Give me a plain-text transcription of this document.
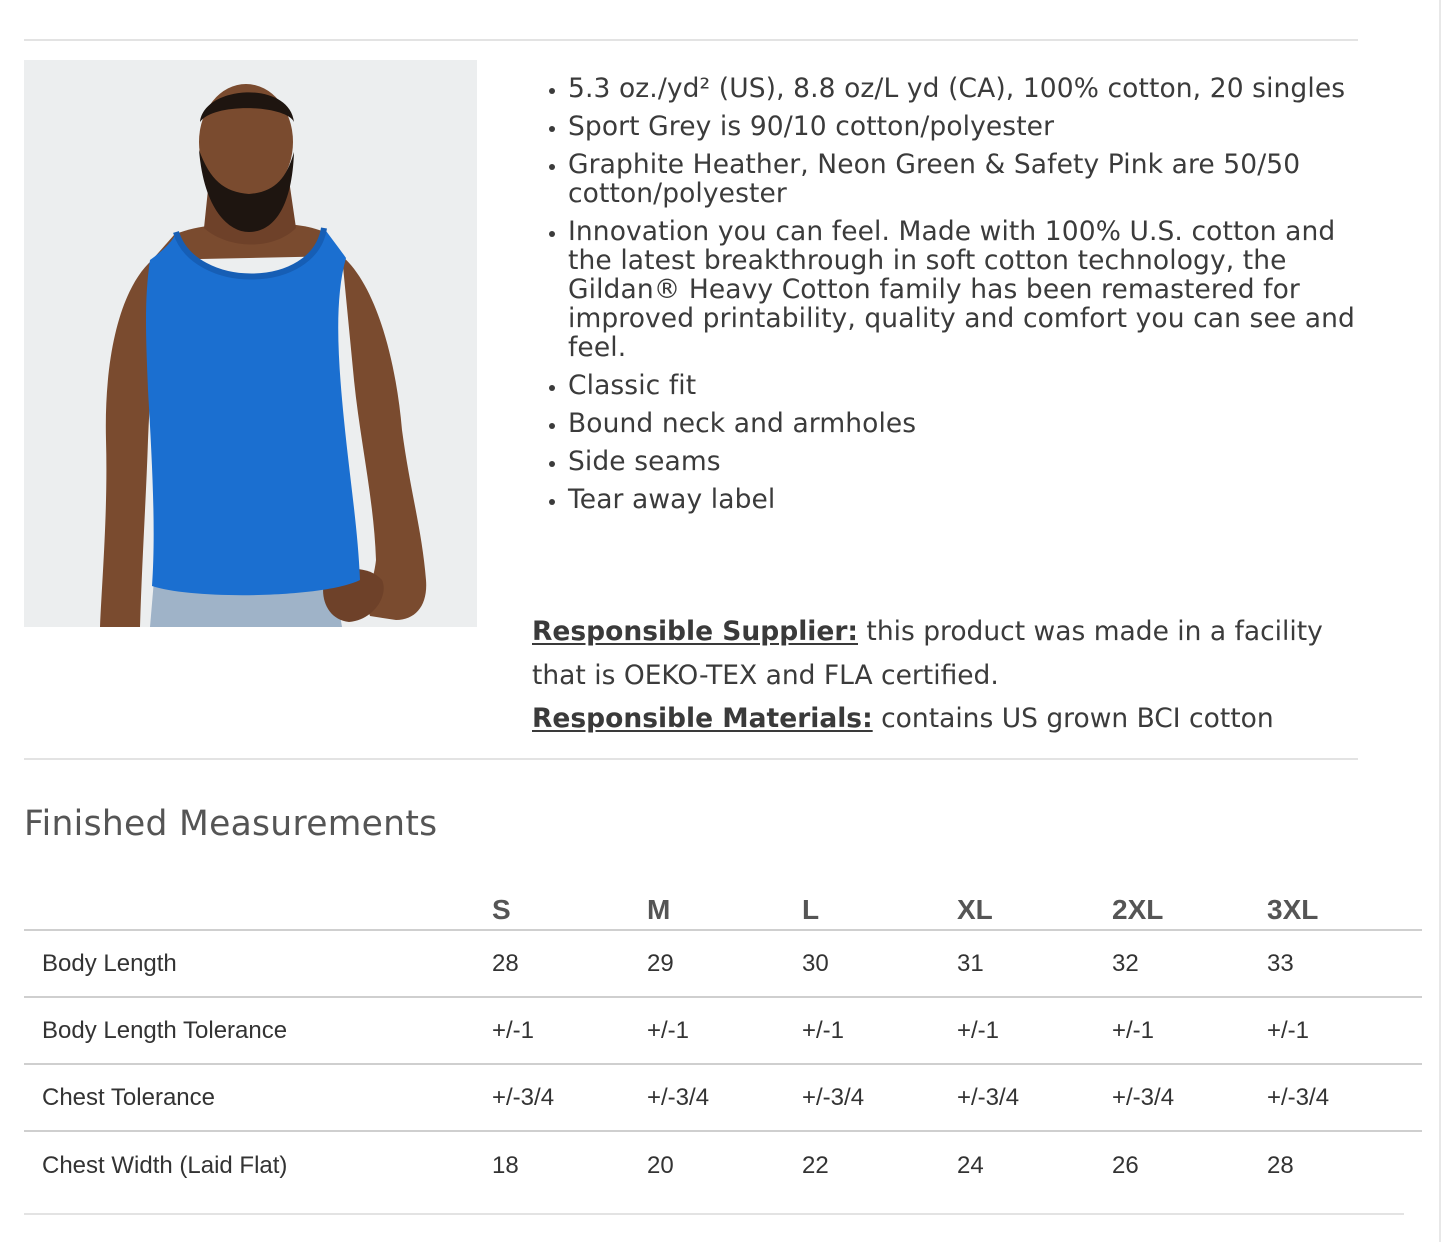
• 5.3 oz./yd² (US), 8.8 oz/L yd (CA), 100% cotton, 20 singles
• Sport Grey is 90/10 cotton/polyester
• Graphite Heather, Neon Green & Safety Pink are 50/50 cotton/polyester
• Innovation you can feel. Made with 100% U.S. cotton and the latest breakthrough in soft cotton technology, the Gildan® Heavy Cotton family has been remastered for improved printability, quality and comfort you can see and feel.
• Classic fit
• Bound neck and armholes
• Side seams
• Tear away label
Responsible Supplier: this product was made in a facility that is OEKO-TEX and FLA certified.
Responsible Materials: contains US grown BCI cotton
Finished Measurements
	S	M	L	XL	2XL	3XL
Body Length	28	29	30	31	32	33
Body Length Tolerance	+/-1	+/-1	+/-1	+/-1	+/-1	+/-1
Chest Tolerance	+/-3/4	+/-3/4	+/-3/4	+/-3/4	+/-3/4	+/-3/4
Chest Width (Laid Flat)	18	20	22	24	26	28
